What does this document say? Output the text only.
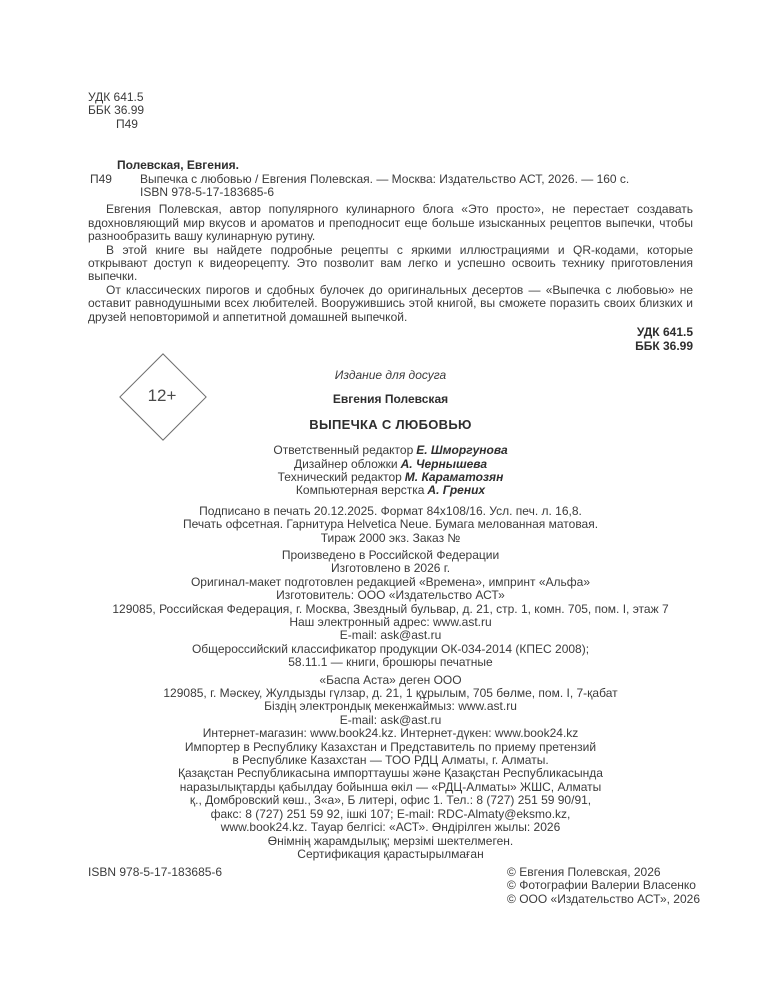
УДК 641.5
ББК 36.99
П49
Полевская, Евгения.
П49 Выпечка с любовью / Евгения Полевская. — Москва: Издательство АСТ, 2026. — 160 с.
ISBN 978-5-17-183685-6

Евгения Полевская, автор популярного кулинарного блога «Это просто», не перестает создавать вдохновляющий мир вкусов и ароматов и преподносит еще больше изысканных рецептов выпечки, чтобы разнообразить вашу кулинарную рутину.

В этой книге вы найдете подробные рецепты с яркими иллюстрациями и QR-кодами, которые открывают доступ к видеорецепту. Это позволит вам легко и успешно освоить технику приготовления выпечки.

От классических пирогов и сдобных булочек до оригинальных десертов — «Выпечка с любовью» не оставит равнодушными всех любителей. Вооружившись этой книгой, вы сможете поразить своих близких и друзей неповторимой и аппетитной домашней выпечкой.

УДК 641.5
ББК 36.99
Издание для досуга
Евгения Полевская
ВЫПЕЧКА С ЛЮБОВЬЮ
Ответственный редактор Е. Шморгунова
Дизайнер обложки А. Чернышева
Технический редактор М. Караматозян
Компьютерная верстка А. Грених
Подписано в печать 20.12.2025. Формат 84х108/16. Усл. печ. л. 16,8.
Печать офсетная. Гарнитура Helvetica Neue. Бумага мелованная матовая.
Тираж 2000 экз. Заказ №
Произведено в Российской Федерации
Изготовлено в 2026 г.
Оригинал-макет подготовлен редакцией «Времена», импринт «Альфа»
Изготовитель: ООО «Издательство АСТ»
129085, Российская Федерация, г. Москва, Звездный бульвар, д. 21, стр. 1, комн. 705, пом. I, этаж 7
Наш электронный адрес: www.ast.ru
E-mail: ask@ast.ru
Общероссийский классификатор продукции ОК-034-2014 (КПЕС 2008);
58.11.1 — книги, брошюры печатные
«Баспа Аста» деген ООО
129085, г. Мәскеу, Жулдызды гүлзар, д. 21, 1 құрылым, 705 бөлме, пом. I, 7-қабат
Біздің электрондық мекенжаймыз: www.ast.ru
E-mail: ask@ast.ru
Интернет-магазин: www.book24.kz. Интернет-дүкен: www.book24.kz
Импортер в Республику Казахстан и Представитель по приему претензий
в Республике Казахстан — ТОО РДЦ Алматы, г. Алматы.
Қазақстан Республикасына импорттаушы және Қазақстан Республикасында
наразылықтарды қабылдау бойынша өкіл — «РДЦ-Алматы» ЖШС, Алматы
қ., Домбровский көш., 3«а», Б литері, офис 1. Тел.: 8 (727) 251 59 90/91,
факс: 8 (727) 251 59 92, ішкі 107; E-mail: RDC-Almaty@eksmo.kz,
www.book24.kz. Тауар белгісі: «АСТ». Өндірілген жылы: 2026
Өнімнің жарамдылық; мерзімі шектелмеген.
Сертификация қарастырылмаған
12+
ISBN 978-5-17-183685-6	© Евгения Полевская, 2026
© Фотографии Валерии Власенко
© ООО «Издательство АСТ», 2026
